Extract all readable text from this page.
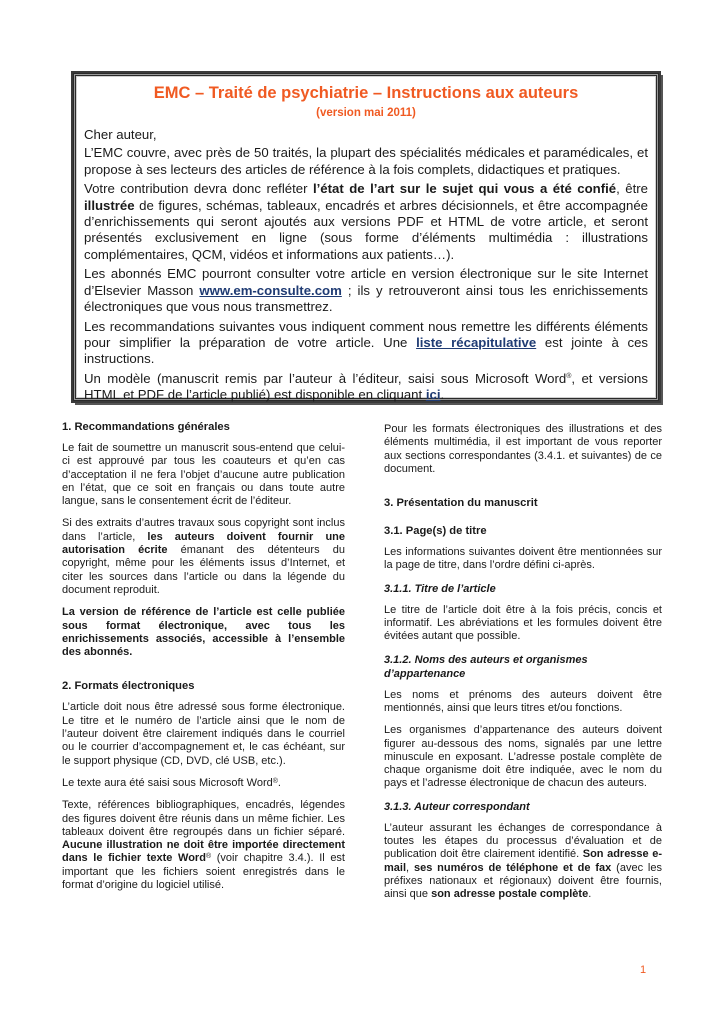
EMC – Traité de psychiatrie – Instructions aux auteurs
(version mai 2011)

Cher auteur,

L’EMC couvre, avec près de 50 traités, la plupart des spécialités médicales et paramédicales, et propose à ses lecteurs des articles de référence à la fois complets, didactiques et pratiques.

Votre contribution devra donc refléter l’état de l’art sur le sujet qui vous a été confié, être illustrée de figures, schémas, tableaux, encadrés et arbres décisionnels, et être accompagnée d’enrichissements qui seront ajoutés aux versions PDF et HTML de votre article, et seront présentés exclusivement en ligne (sous forme d’éléments multimédia : illustrations complémentaires, QCM, vidéos et informations aux patients…).

Les abonnés EMC pourront consulter votre article en version électronique sur le site Internet d’Elsevier Masson www.em-consulte.com ; ils y retrouveront ainsi tous les enrichissements électroniques que vous nous transmettrez.

Les recommandations suivantes vous indiquent comment nous remettre les différents éléments pour simplifier la préparation de votre article. Une liste récapitulative est jointe à ces instructions.

Un modèle (manuscrit remis par l’auteur à l’éditeur, saisi sous Microsoft Word®, et versions HTML et PDF de l’article publié) est disponible en cliquant ici.

1. Recommandations générales

Le fait de soumettre un manuscrit sous-entend que celui-ci est approuvé par tous les coauteurs et qu’en cas d’acceptation il ne fera l’objet d’aucune autre publication en l’état, que ce soit en français ou dans toute autre langue, sans le consentement écrit de l’éditeur.

Si des extraits d’autres travaux sous copyright sont inclus dans l’article, les auteurs doivent fournir une autorisation écrite émanant des détenteurs du copyright, même pour les éléments issus d’Internet, et citer les sources dans l’article ou dans la légende du document reproduit.

La version de référence de l’article est celle publiée sous format électronique, avec tous les enrichissements associés, accessible à l’ensemble des abonnés.

2. Formats électroniques

L’article doit nous être adressé sous forme électronique. Le titre et le numéro de l’article ainsi que le nom de l’auteur doivent être clairement indiqués dans le courriel ou le courrier d’accompagnement et, le cas échéant, sur le support physique (CD, DVD, clé USB, etc.).

Le texte aura été saisi sous Microsoft Word®.

Texte, références bibliographiques, encadrés, légendes des figures doivent être réunis dans un même fichier. Les tableaux doivent être regroupés dans un fichier séparé. Aucune illustration ne doit être importée directement dans le fichier texte Word® (voir chapitre 3.4.). Il est important que les fichiers soient enregistrés dans le format d’origine du logiciel utilisé.

Pour les formats électroniques des illustrations et des éléments multimédia, il est important de vous reporter aux sections correspondantes (3.4.1. et suivantes) de ce document.

3. Présentation du manuscrit
3.1. Page(s) de titre

Les informations suivantes doivent être mentionnées sur la page de titre, dans l’ordre défini ci-après.

3.1.1. Titre de l’article

Le titre de l’article doit être à la fois précis, concis et informatif. Les abréviations et les formules doivent être évitées autant que possible.

3.1.2. Noms des auteurs et organismes d’appartenance

Les noms et prénoms des auteurs doivent être mentionnés, ainsi que leurs titres et/ou fonctions.

Les organismes d’appartenance des auteurs doivent figurer au-dessous des noms, signalés par une lettre minuscule en exposant. L’adresse postale complète de chaque organisme doit être indiquée, avec le nom du pays et l’adresse électronique de chacun des auteurs.

3.1.3. Auteur correspondant

L’auteur assurant les échanges de correspondance à toutes les étapes du processus d’évaluation et de publication doit être clairement identifié. Son adresse e-mail, ses numéros de téléphone et de fax (avec les préfixes nationaux et régionaux) doivent être fournis, ainsi que son adresse postale complète.

1
